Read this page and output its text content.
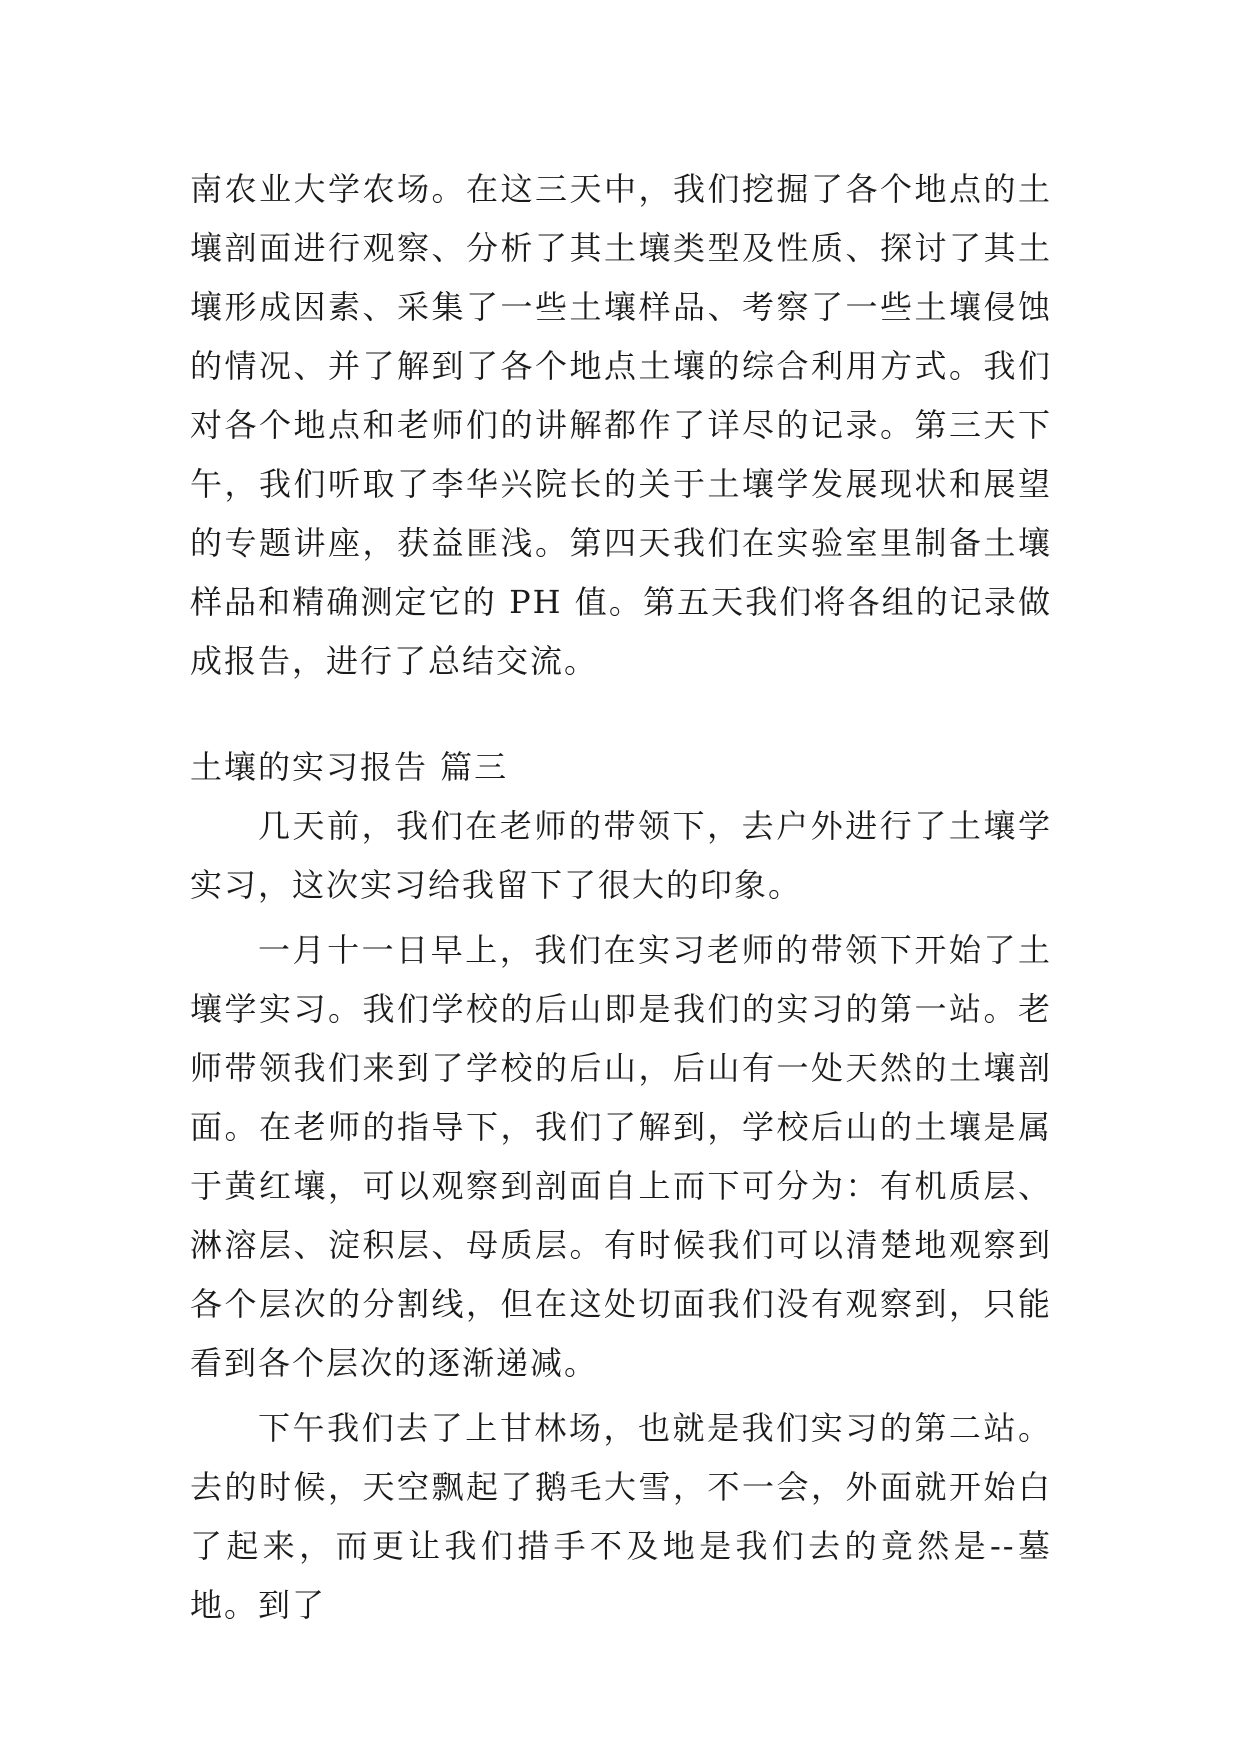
南农业大学农场。在这三天中，我们挖掘了各个地点的土壤剖面进行观察、分析了其土壤类型及性质、探讨了其土壤形成因素、采集了一些土壤样品、考察了一些土壤侵蚀的情况、并了解到了各个地点土壤的综合利用方式。我们对各个地点和老师们的讲解都作了详尽的记录。第三天下午，我们听取了李华兴院长的关于土壤学发展现状和展望的专题讲座，获益匪浅。第四天我们在实验室里制备土壤样品和精确测定它的 PH 值。第五天我们将各组的记录做成报告，进行了总结交流。

土壤的实习报告 篇三

几天前，我们在老师的带领下，去户外进行了土壤学实习，这次实习给我留下了很大的印象。

一月十一日早上，我们在实习老师的带领下开始了土壤学实习。我们学校的后山即是我们的实习的第一站。老师带领我们来到了学校的后山，后山有一处天然的土壤剖面。在老师的指导下，我们了解到，学校后山的土壤是属于黄红壤，可以观察到剖面自上而下可分为：有机质层、淋溶层、淀积层、母质层。有时候我们可以清楚地观察到各个层次的分割线，但在这处切面我们没有观察到，只能看到各个层次的逐渐递减。

下午我们去了上甘林场，也就是我们实习的第二站。去的时候，天空飘起了鹅毛大雪，不一会，外面就开始白了起来，而更让我们措手不及地是我们去的竟然是--墓地。到了
